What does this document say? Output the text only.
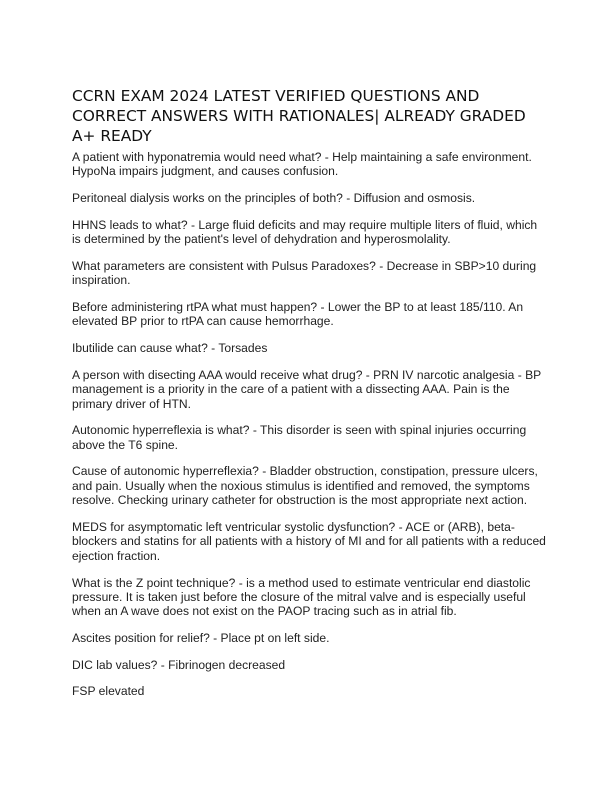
CCRN EXAM 2024 LATEST VERIFIED QUESTIONS AND CORRECT ANSWERS WITH RATIONALES| ALREADY GRADED A+ READY

A patient with hyponatremia would need what? - Help maintaining a safe environment. HypoNa impairs judgment, and causes confusion.

Peritoneal dialysis works on the principles of both? - Diffusion and osmosis.

HHNS leads to what? - Large fluid deficits and may require multiple liters of fluid, which is determined by the patient's level of dehydration and hyperosmolality.

What parameters are consistent with Pulsus Paradoxes? - Decrease in SBP>10 during inspiration.

Before administering rtPA what must happen? - Lower the BP to at least 185/110. An elevated BP prior to rtPA can cause hemorrhage.

Ibutilide can cause what? - Torsades

A person with disecting AAA would receive what drug? - PRN IV narcotic analgesia - BP management is a priority in the care of a patient with a dissecting AAA. Pain is the primary driver of HTN.

Autonomic hyperreflexia is what? - This disorder is seen with spinal injuries occurring above the T6 spine.

Cause of autonomic hyperreflexia? - Bladder obstruction, constipation, pressure ulcers, and pain. Usually when the noxious stimulus is identified and removed, the symptoms resolve. Checking urinary catheter for obstruction is the most appropriate next action.

MEDS for asymptomatic left ventricular systolic dysfunction? - ACE or (ARB), beta-blockers and statins for all patients with a history of MI and for all patients with a reduced ejection fraction.

What is the Z point technique? - is a method used to estimate ventricular end diastolic pressure. It is taken just before the closure of the mitral valve and is especially useful when an A wave does not exist on the PAOP tracing such as in atrial fib.

Ascites position for relief? - Place pt on left side.

DIC lab values? - Fibrinogen decreased

FSP elevated
